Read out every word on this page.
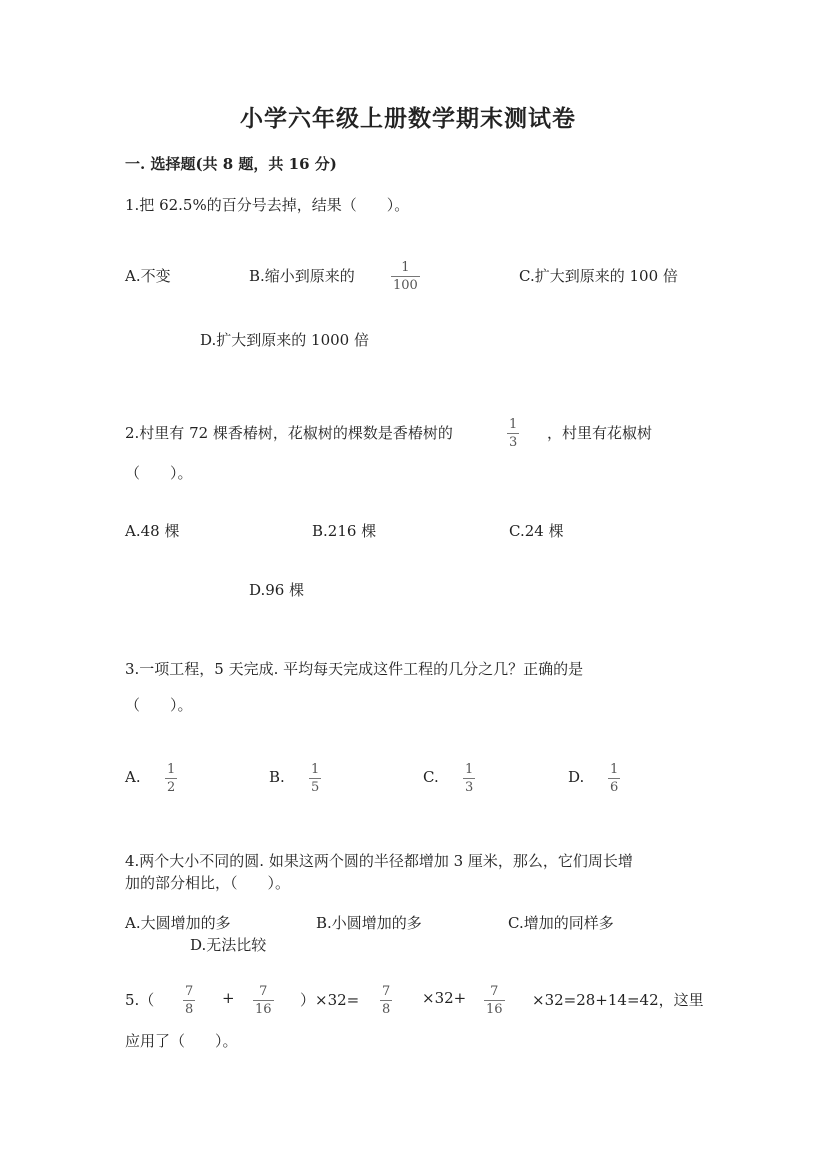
小学六年级上册数学期末测试卷
一. 选择题(共 8 题，共 16 分)
1.把 62.5%的百分号去掉，结果（　　）。
A.不变	B.缩小到原来的	1
100
C.扩大到原来的 100 倍
D.扩大到原来的 1000 倍
2.村里有 72 棵香椿树，花椒树的棵数是香椿树的	1
3
，村里有花椒树
（　　）。
A.48 棵	B.216 棵	C.24 棵
D.96 棵
3.一项工程，5 天完成. 平均每天完成这件工程的几分之几？正确的是
（　　）。
A. 1
2
B. 1
5
C. 1
3
D. 1
6
4.两个大小不同的圆. 如果这两个圆的半径都增加 3 厘米，那么，它们周长增
加的部分相比，（　　）。
A.大圆增加的多	B.小圆增加的多	C.增加的同样多
D.无法比较
5.（ 7
8
+ 7
16
）×32= 7
8
×32+ 7
16
×32=28+14=42，这里
应用了（　　）。
